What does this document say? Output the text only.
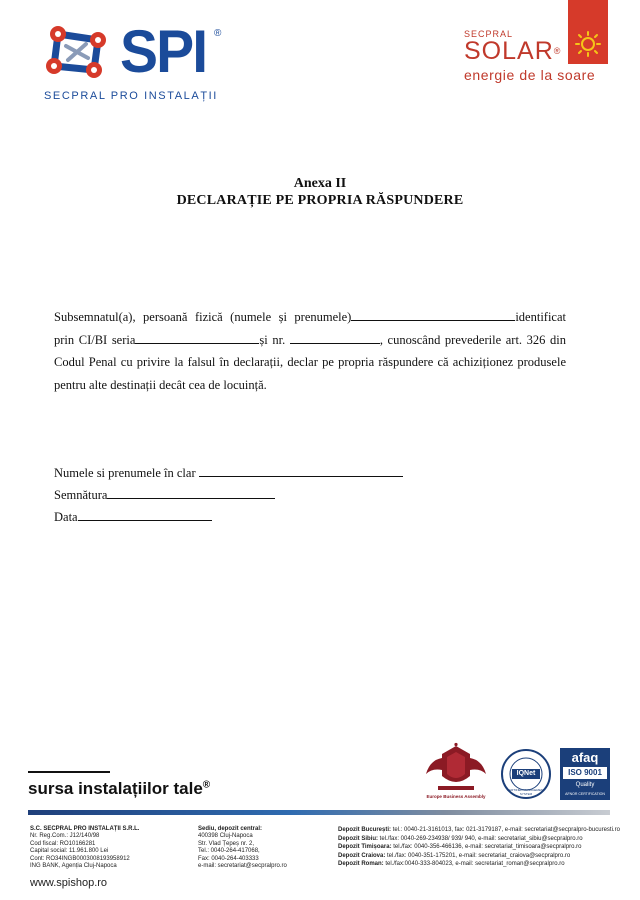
SPI ®
SECPRAL PRO INSTALAȚII
SECPRAL
SOLAR®
energie de la soare
Anexa II
DECLARAȚIE PE PROPRIA RĂSPUNDERE
Subsemnatul(a), persoană fizică (numele și prenumele)	identificat prin CI/BI seria	și nr.	, cunoscând prevederile art. 326 din Codul Penal cu privire la falsul în declarații, declar pe propria răspundere că achiziționez produsele pentru alte destinații decât cea de locuință.
Numele si prenumele în clar
Semnătura
Data
sursa instalațiilor tale®
Europe Business Assembly
IQNet
CERTIFIED MANAGEMENT SYSTEM
afaq
ISO 9001
Quality
AFNOR CERTIFICATION
S.C. SECPRAL PRO INSTALAȚII S.R.L.
Nr. Reg.Com.: J12/140/98
Cod fiscal: RO10166281
Capital social: 11.961.800 Lei
Cont: RO34INGB0003008193958912
ING BANK, Agenția Cluj-Napoca
Sediu, depozit central:
400398 Cluj-Napoca
Str. Vlad Țepeș nr. 2,
Tel.: 0040-264-417068,
Fax: 0040-264-403333
e-mail: secretariat@secpralpro.ro
Depozit București: tel.: 0040-21-3161013, fax: 021-3179187, e-mail: secretariat@secpralpro-bucuresti.ro
Depozit Sibiu: tel./fax: 0040-269-234938/ 939/ 940, e-mail: secretariat_sibiu@secpralpro.ro
Depozit Timișoara: tel./fax: 0040-356-466136, e-mail: secretariat_timisoara@secpralpro.ro
Depozit Craiova: tel./fax: 0040-351-175201, e-mail: secretariat_craiova@secpralpro.ro
Depozit Roman: tel./fax:0040-333-804023, e-mail: secretariat_roman@secpralpro.ro
www.spishop.ro
